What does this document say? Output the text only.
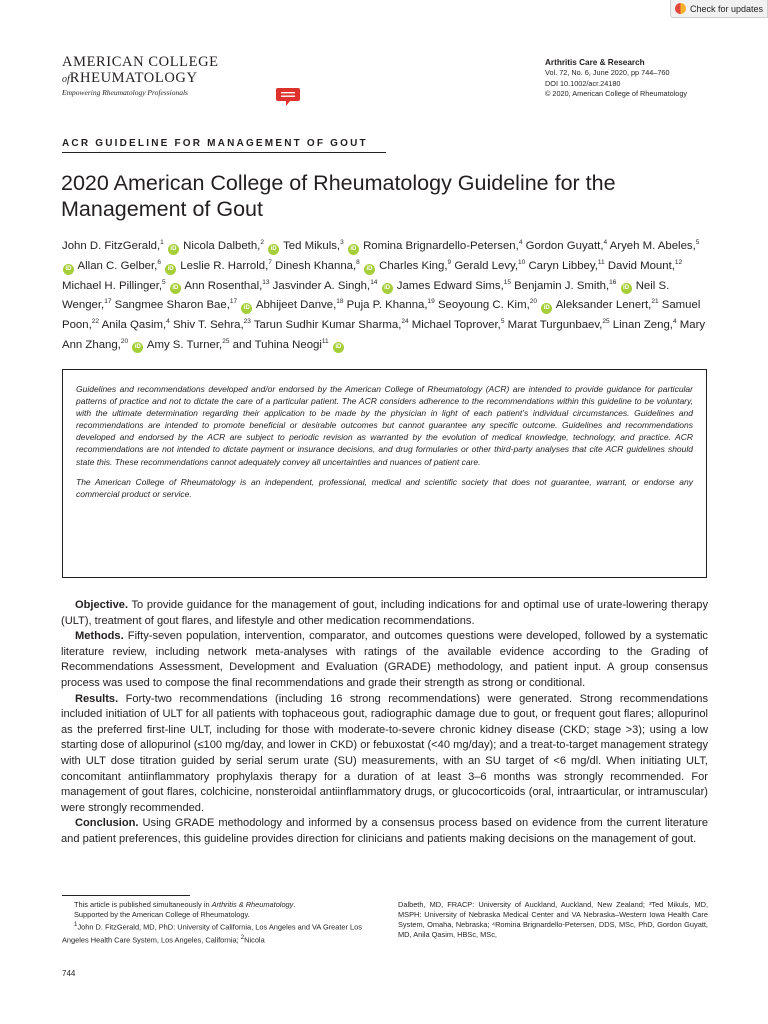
Check for updates
AMERICAN COLLEGE
ofRHEUMATOLOGY
Empowering Rheumatology Professionals
Arthritis Care & Research
Vol. 72, No. 6, June 2020, pp 744–760
DOI 10.1002/acr.24180
© 2020, American College of Rheumatology
ACR GUIDELINE FOR MANAGEMENT OF GOUT
2020 American College of Rheumatology Guideline for the Management of Gout
John D. FitzGerald,$^1$ iD Nicola Dalbeth,$^2$ iD Ted Mikuls,$^3$ iD Romina Brignardello-Petersen,$^4$ Gordon Guyatt,$^4$ Aryeh M. Abeles,$^5$ iD Allan C. Gelber,$^6$ iD Leslie R. Harrold,$^7$ Dinesh Khanna,$^8$ iD Charles King,$^9$ Gerald Levy,$^{10}$ Caryn Libbey,$^{11}$ David Mount,$^{12}$ Michael H. Pillinger,$^5$ iD Ann Rosenthal,$^{13}$ Jasvinder A. Singh,$^{14}$ iD James Edward Sims,$^{15}$ Benjamin J. Smith,$^{16}$ iD Neil S. Wenger,$^{17}$ Sangmee Sharon Bae,$^{17}$ iD Abhijeet Danve,$^{18}$ Puja P. Khanna,$^{19}$ Seoyoung C. Kim,$^{20}$ iD Aleksander Lenert,$^{21}$ Samuel Poon,$^{22}$ Anila Qasim,$^4$ Shiv T. Sehra,$^{23}$ Tarun Sudhir Kumar Sharma,$^{24}$ Michael Toprover,$^5$ Marat Turgunbaev,$^{25}$ Linan Zeng,$^4$ Mary Ann Zhang,$^{20}$ iD Amy S. Turner,$^{25}$ and Tuhina Neogi$^{11}$ iD

Guidelines and recommendations developed and/or endorsed by the American College of Rheumatology (ACR) are intended to provide guidance for particular patterns of practice and not to dictate the care of a particular patient. The ACR considers adherence to the recommendations within this guideline to be voluntary, with the ultimate determination regarding their application to be made by the physician in light of each patient’s individual circumstances. Guidelines and recommendations are intended to promote beneficial or desirable outcomes but cannot guarantee any specific outcome. Guidelines and recommendations developed and endorsed by the ACR are subject to periodic revision as warranted by the evolution of medical knowledge, technology, and practice. ACR recommendations are not intended to dictate payment or insurance decisions, and drug formularies or other third-party analyses that cite ACR guidelines should state this. These recommendations cannot adequately convey all uncertainties and nuances of patient care.

The American College of Rheumatology is an independent, professional, medical and scientific society that does not guarantee, warrant, or endorse any commercial product or service.

Objective. To provide guidance for the management of gout, including indications for and optimal use of urate-lowering therapy (ULT), treatment of gout flares, and lifestyle and other medication recommendations.

Methods. Fifty-seven population, intervention, comparator, and outcomes questions were developed, followed by a systematic literature review, including network meta-analyses with ratings of the available evidence according to the Grading of Recommendations Assessment, Development and Evaluation (GRADE) methodology, and patient input. A group consensus process was used to compose the final recommendations and grade their strength as strong or conditional.

Results. Forty-two recommendations (including 16 strong recommendations) were generated. Strong recommendations included initiation of ULT for all patients with tophaceous gout, radiographic damage due to gout, or frequent gout flares; allopurinol as the preferred first-line ULT, including for those with moderate-to-severe chronic kidney disease (CKD; stage >3); using a low starting dose of allopurinol (≤100 mg/day, and lower in CKD) or febuxostat (<40 mg/day); and a treat-to-target management strategy with ULT dose titration guided by serial serum urate (SU) measurements, with an SU target of <6 mg/dl. When initiating ULT, concomitant antiinflammatory prophylaxis therapy for a duration of at least 3–6 months was strongly recommended. For management of gout flares, colchicine, nonsteroidal antiinflammatory drugs, or glucocorticoids (oral, intraarticular, or intramuscular) were strongly recommended.

Conclusion. Using GRADE methodology and informed by a consensus process based on evidence from the current literature and patient preferences, this guideline provides direction for clinicians and patients making decisions on the management of gout.

This article is published simultaneously in Arthritis & Rheumatology.

Supported by the American College of Rheumatology.

$^1$John D. FitzGerald, MD, PhD: University of California, Los Angeles and VA Greater Los Angeles Health Care System, Los Angeles, California; $^2$Nicola

Dalbeth, MD, FRACP: University of Auckland, Auckland, New Zealand; ³Ted Mikuls, MD, MSPH: University of Nebraska Medical Center and VA Nebraska–Western Iowa Health Care System, Omaha, Nebraska; ⁴Romina Brignardello-Petersen, DDS, MSc, PhD, Gordon Guyatt, MD, Anila Qasim, HBSc, MSc,

744
